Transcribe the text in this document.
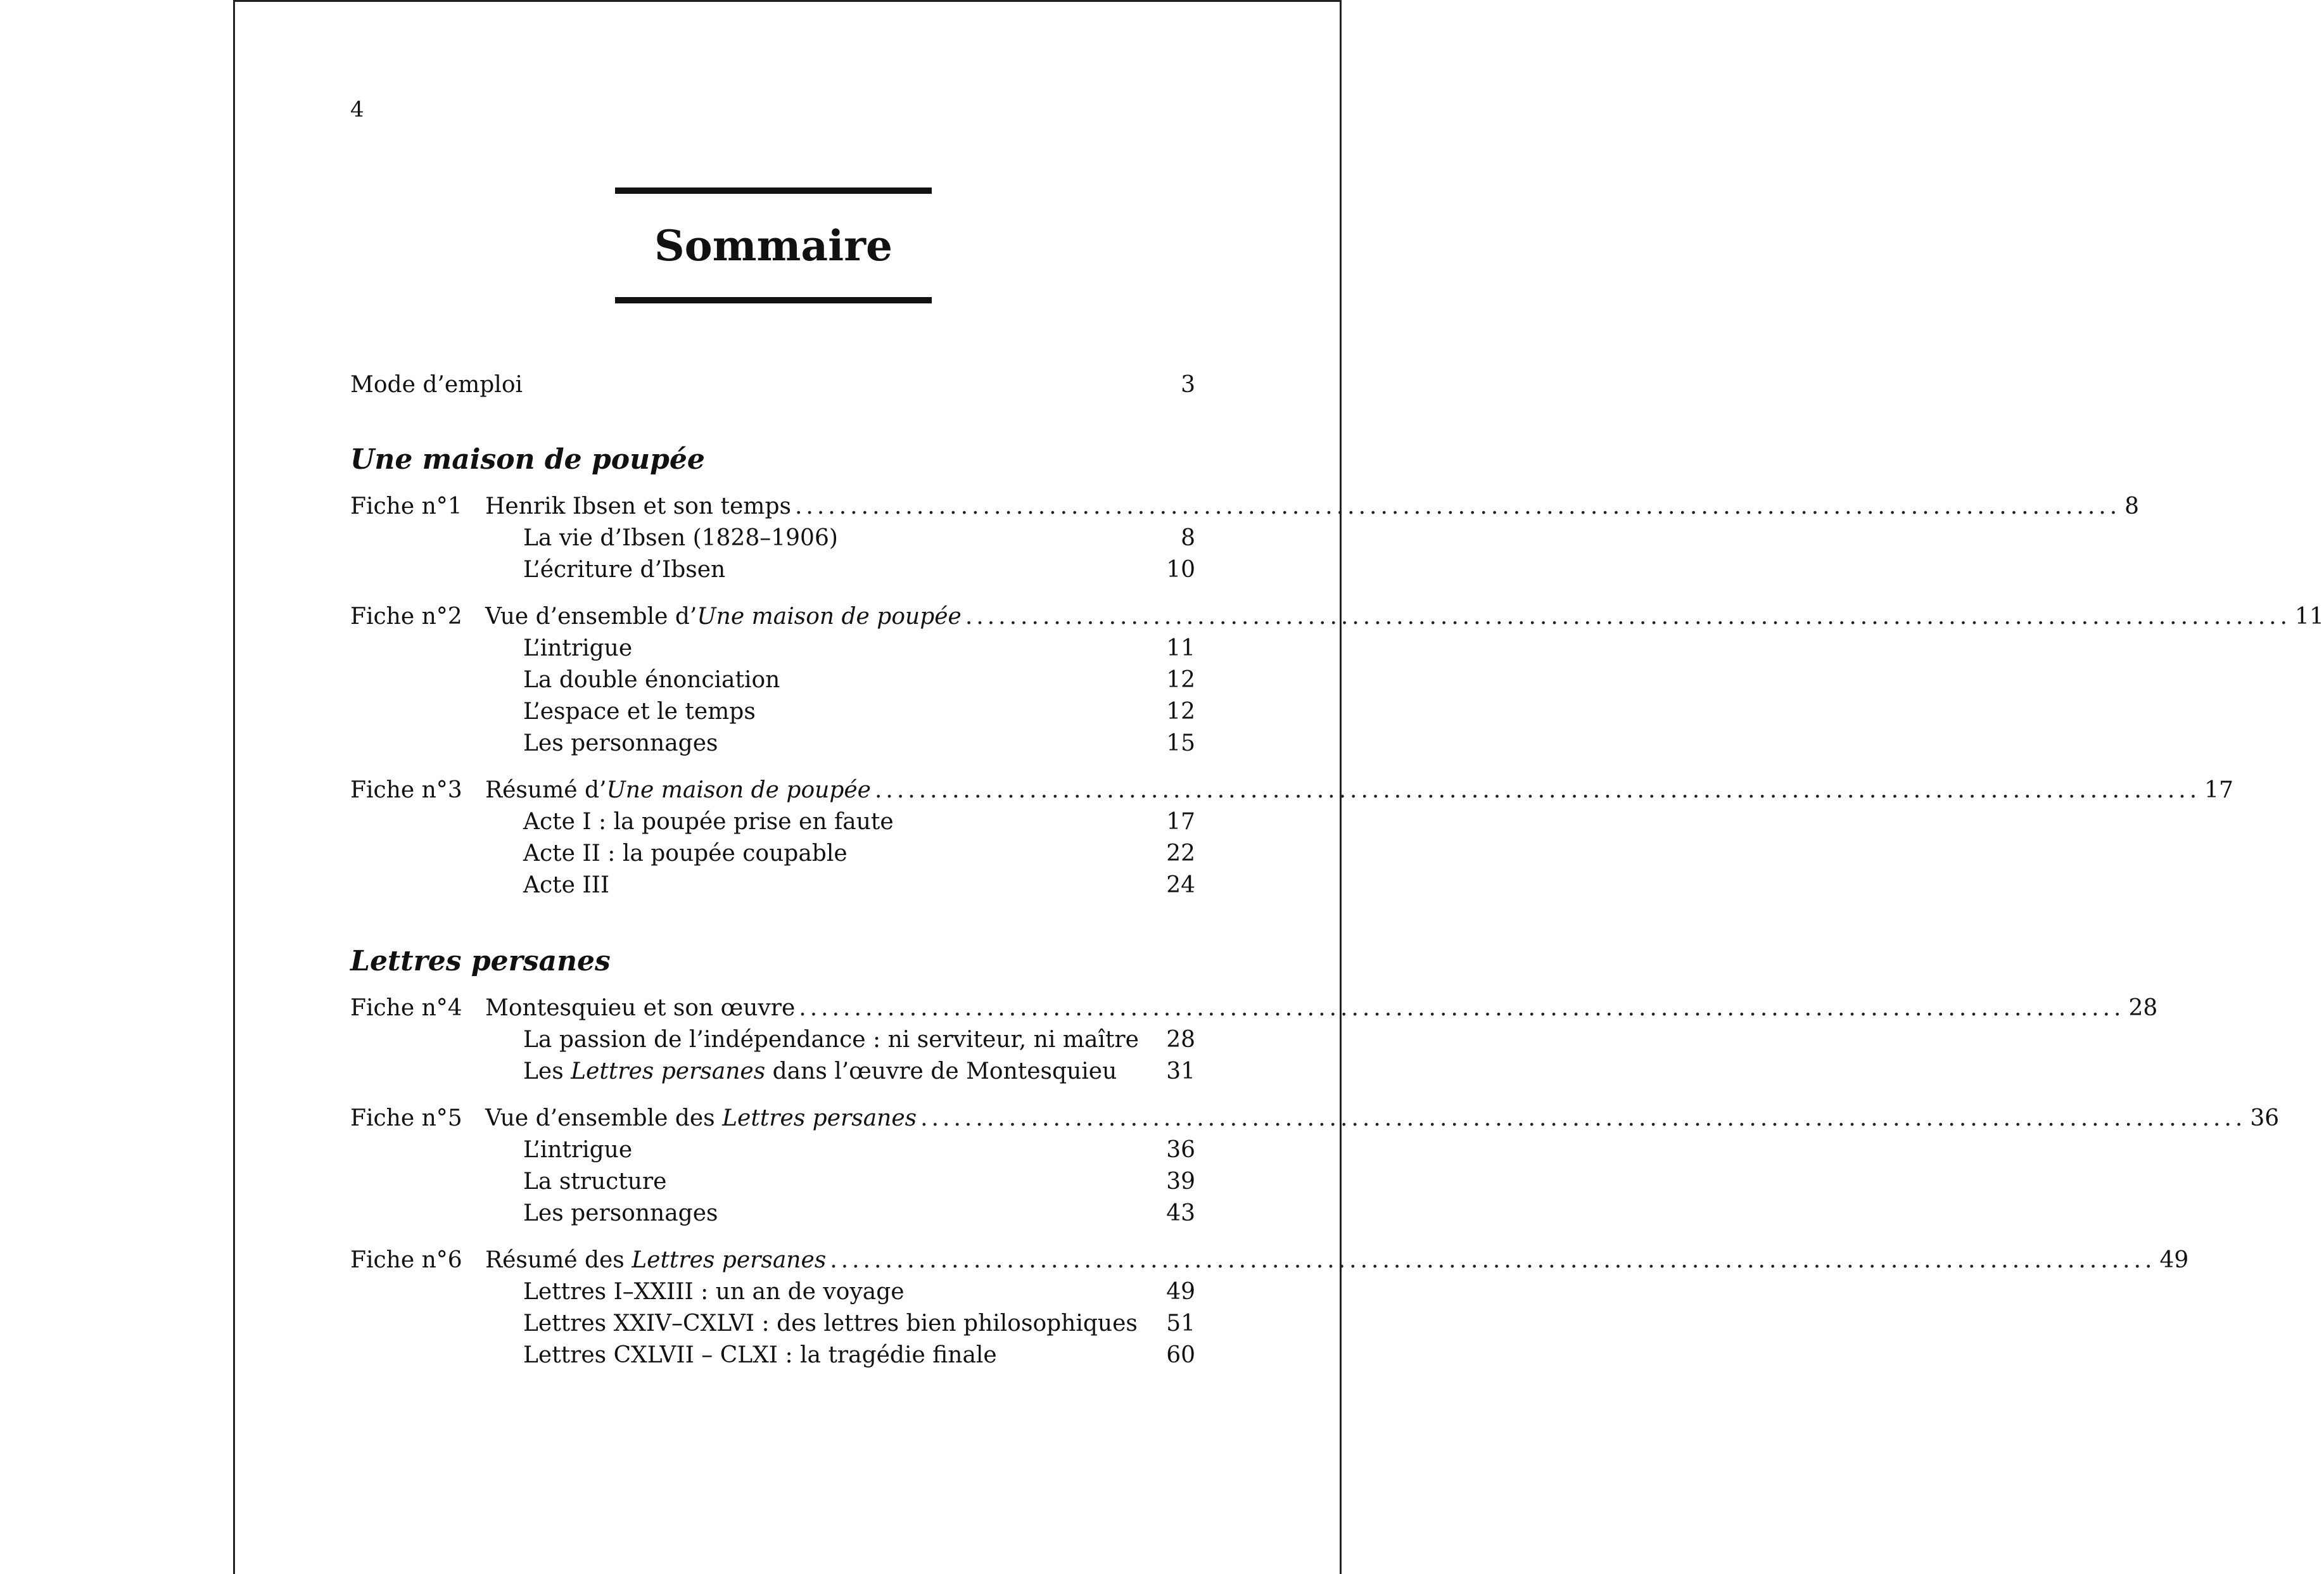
4
Sommaire
Mode d’emploi	3
Une maison de poupée
Fiche n°1 Henrik Ibsen et son temps ........................................................................................................................ 8
La vie d’Ibsen (1828–1906)	8
L’écriture d’Ibsen	10
Fiche n°2 Vue d’ensemble d’Une maison de poupée ........................................................................................................................ 11
L’intrigue	11
La double énonciation	12
L’espace et le temps	12
Les personnages	15
Fiche n°3 Résumé d’Une maison de poupée ........................................................................................................................ 17
Acte I : la poupée prise en faute	17
Acte II : la poupée coupable	22
Acte III	24
Lettres persanes
Fiche n°4 Montesquieu et son œuvre ........................................................................................................................ 28
La passion de l’indépendance : ni serviteur, ni maître 28
Les Lettres persanes dans l’œuvre de Montesquieu 31
Fiche n°5 Vue d’ensemble des Lettres persanes ........................................................................................................................ 36
L’intrigue	36
La structure	39
Les personnages	43
Fiche n°6 Résumé des Lettres persanes ........................................................................................................................ 49
Lettres I–XXIII : un an de voyage	49
Lettres XXIV–CXLVI : des lettres bien philosophiques 51
Lettres CXLVII – CLXI : la tragédie finale	60
